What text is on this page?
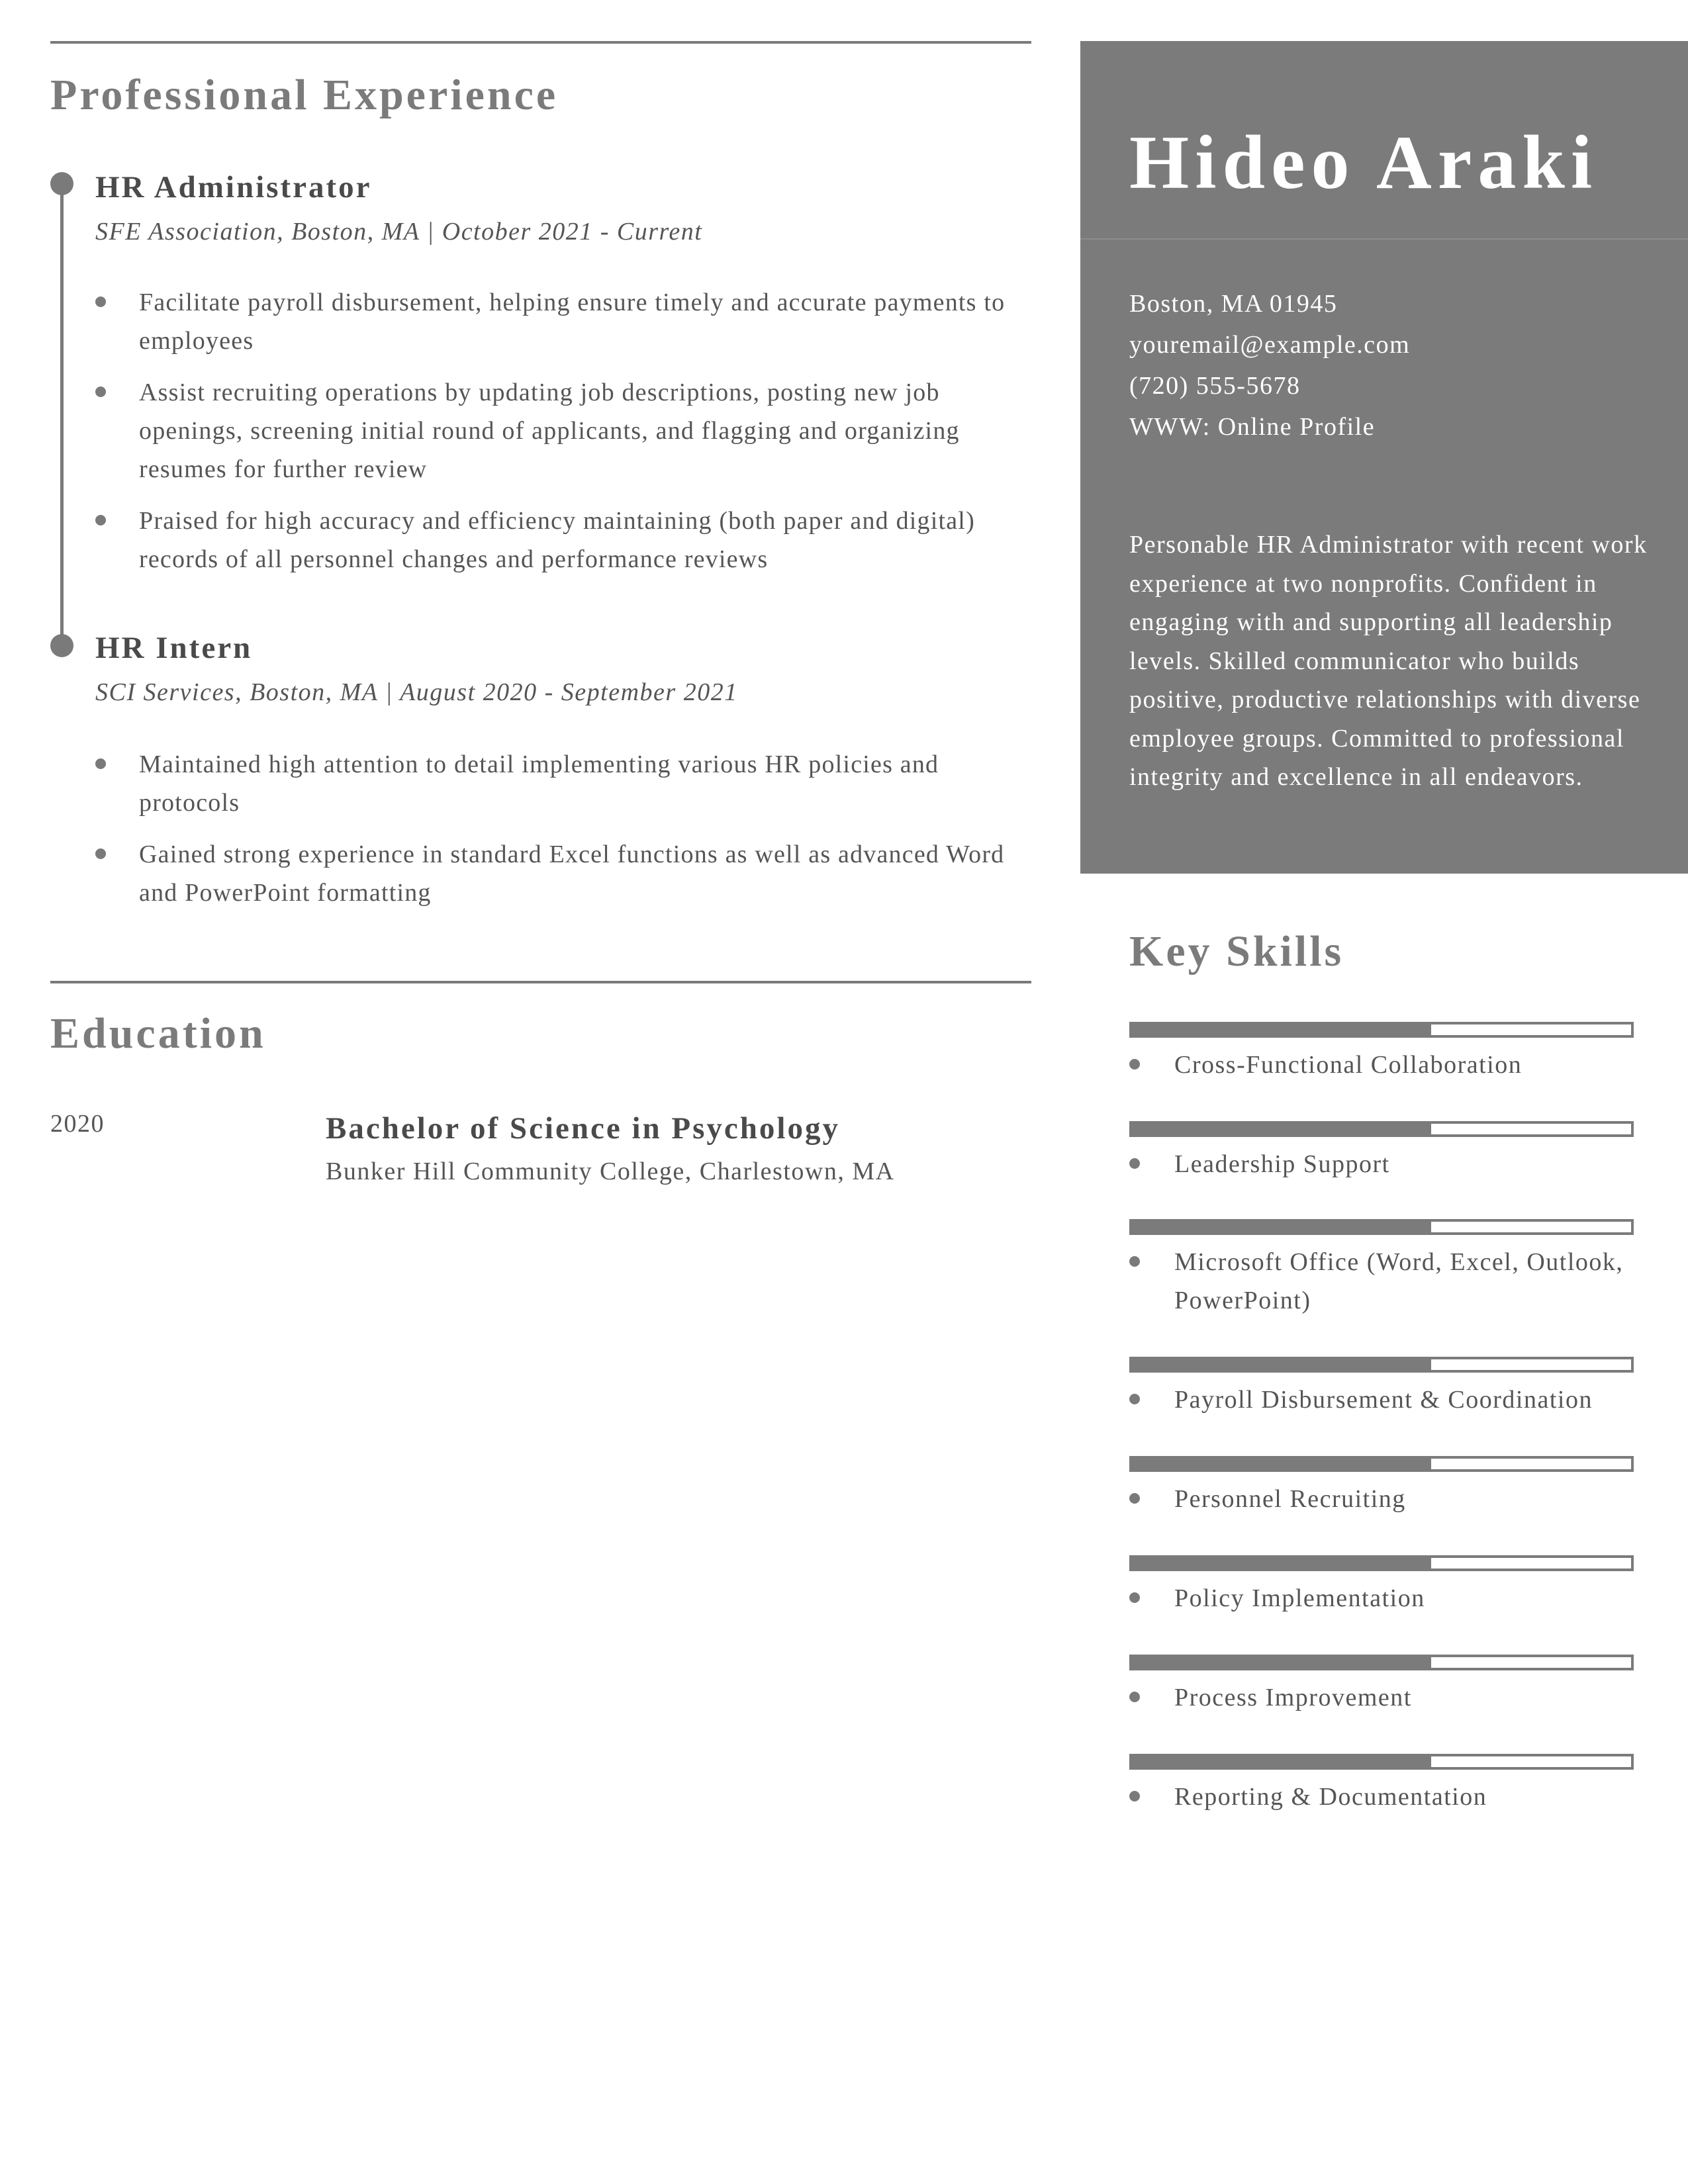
Professional Experience
HR Administrator

SFE Association, Boston, MA | October 2021 - Current

Facilitate payroll disbursement, helping ensure timely and accurate payments to employees
Assist recruiting operations by updating job descriptions, posting new job openings, screening initial round of applicants, and flagging and organizing resumes for further review
Praised for high accuracy and efficiency maintaining (both paper and digital) records of all personnel changes and performance reviews
HR Intern

SCI Services, Boston, MA | August 2020 - September 2021

Maintained high attention to detail implementing various HR policies and protocols
Gained strong experience in standard Excel functions as well as advanced Word and PowerPoint formatting
Education
2020	Bachelor of Science in Psychology
Bunker Hill Community College, Charlestown, MA
Hideo Araki
Boston, MA 01945
youremail@example.com
(720) 555-5678
WWW: Online Profile

Personable HR Administrator with recent work experience at two nonprofits. Confident in engaging with and supporting all leadership levels. Skilled communicator who builds positive, productive relationships with diverse employee groups. Committed to professional integrity and excellence in all endeavors.

Key Skills
Cross-Functional Collaboration
Leadership Support
Microsoft Office (Word, Excel, Outlook, PowerPoint)
Payroll Disbursement & Coordination
Personnel Recruiting
Policy Implementation
Process Improvement
Reporting & Documentation
